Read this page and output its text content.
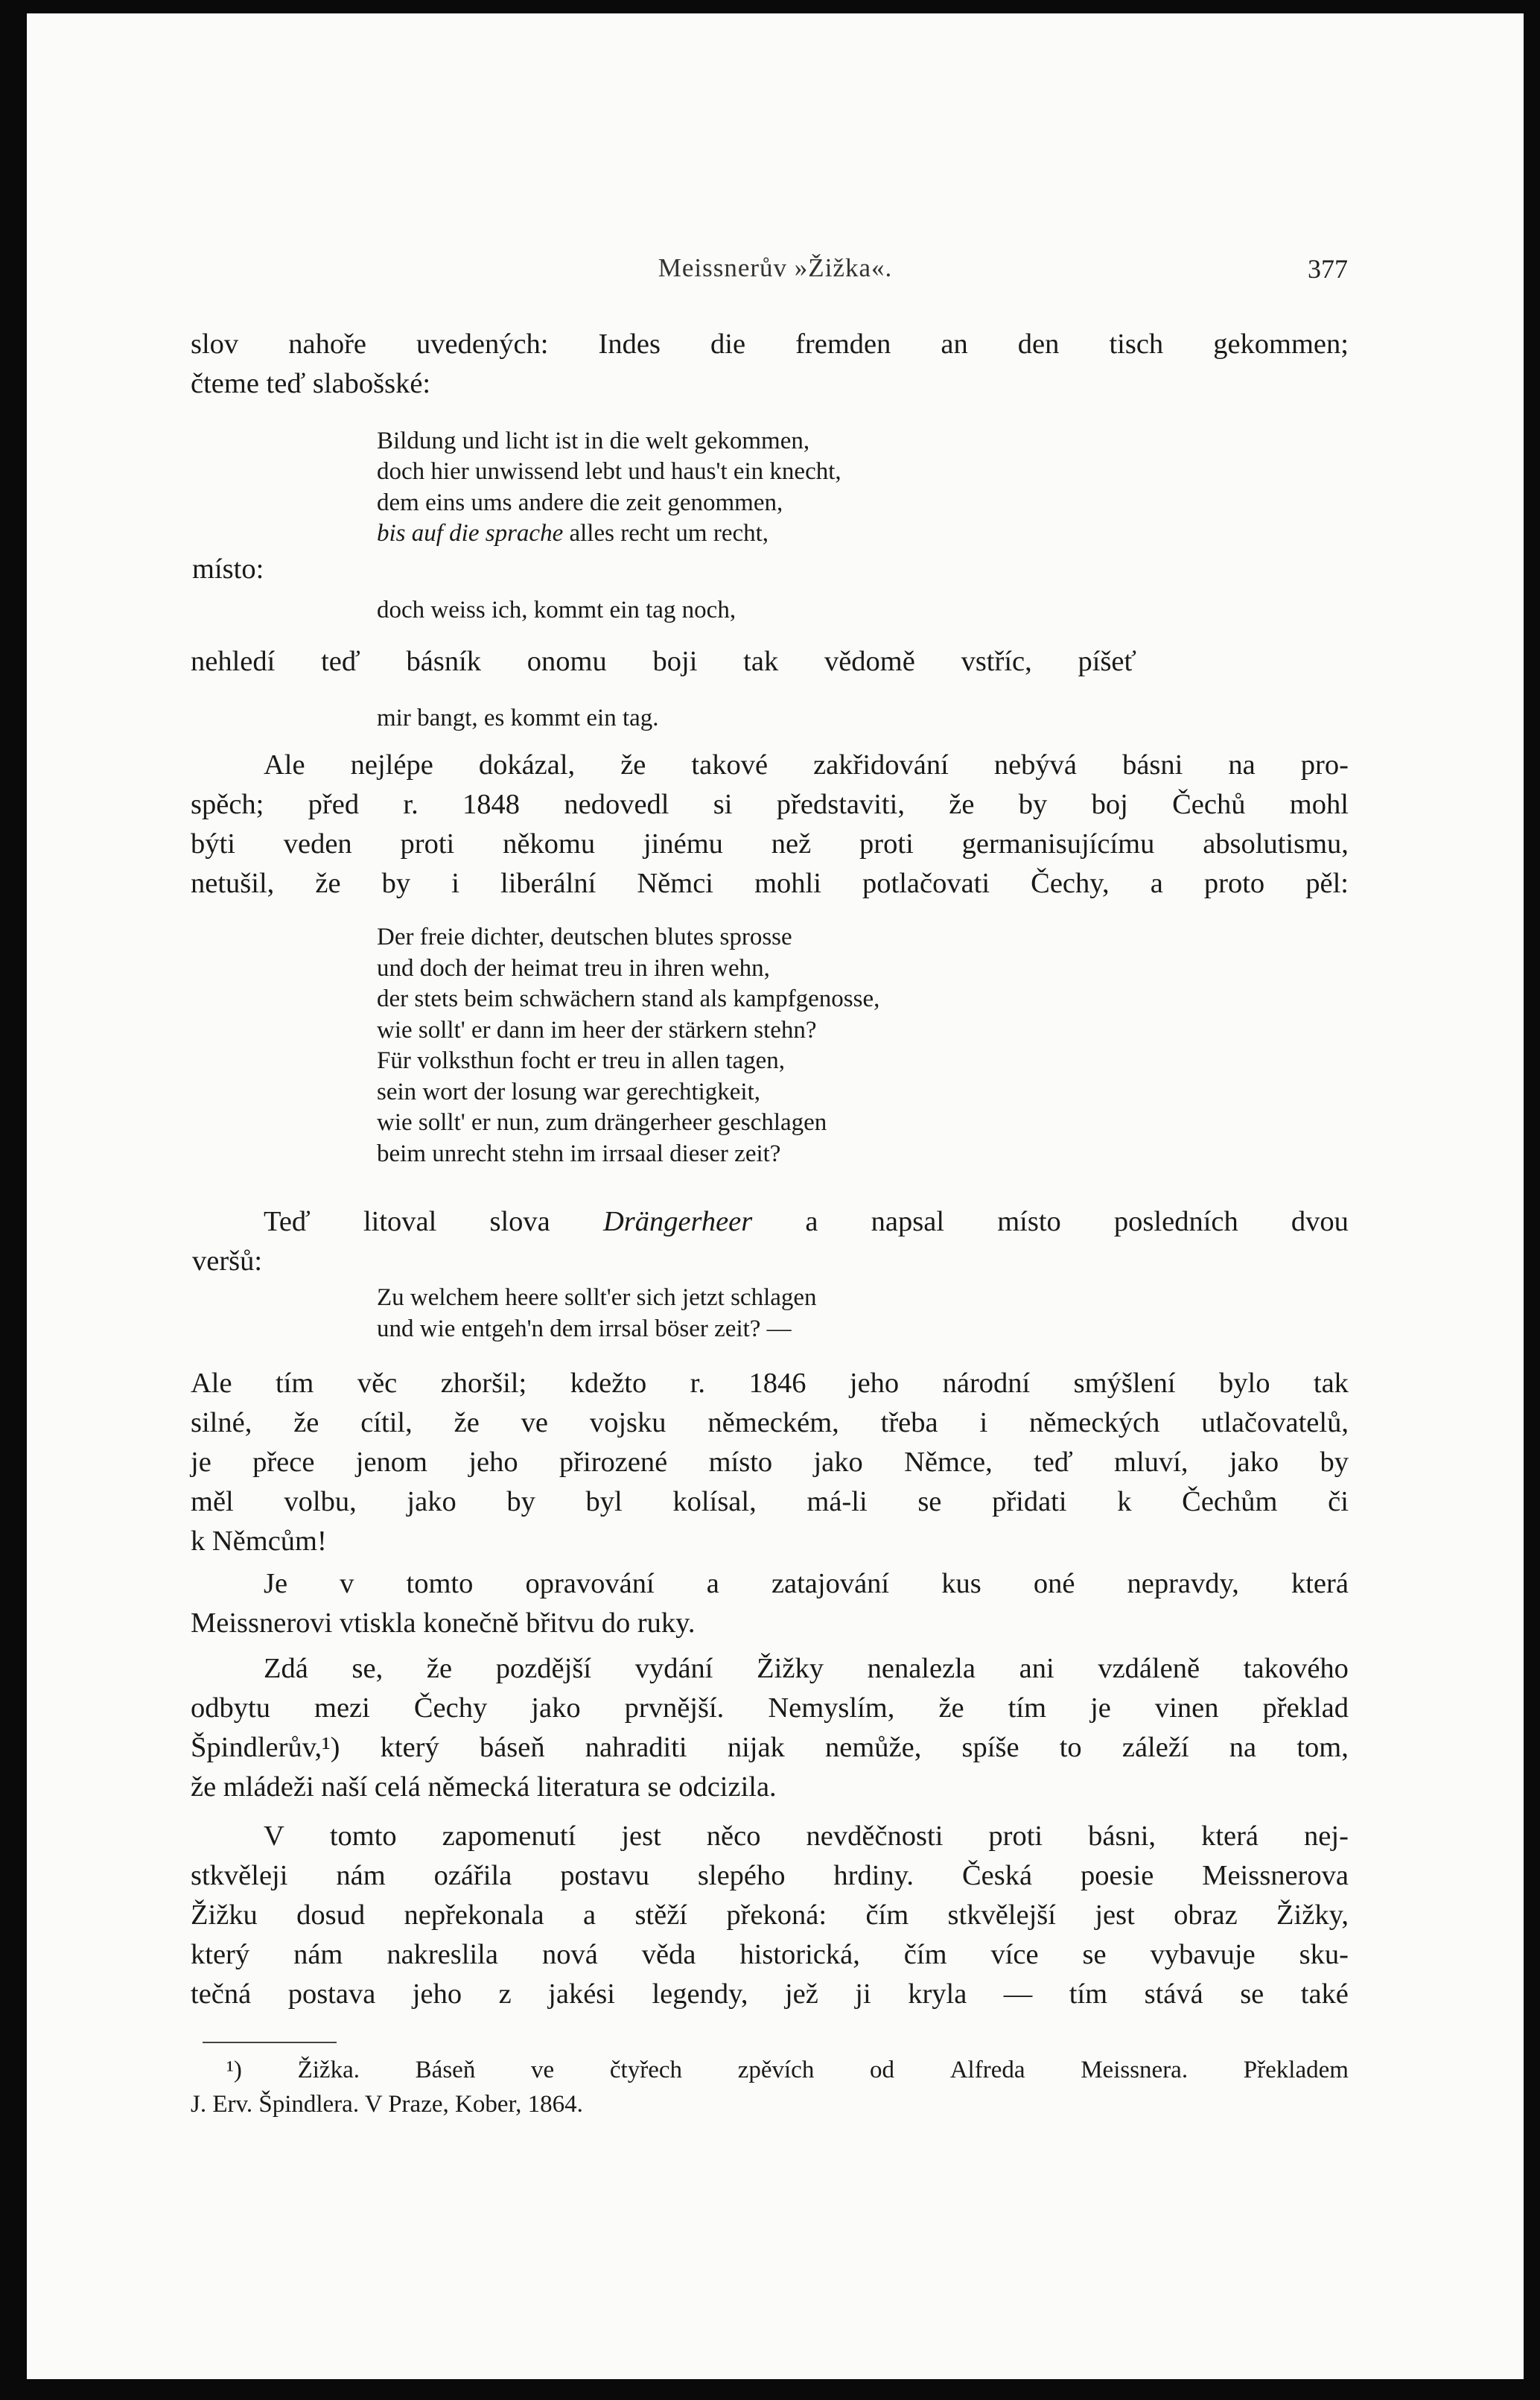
Meissnerův »Žižka«.	377
slov nahoře uvedených: Indes die fremden an den tisch gekommen;
čteme teď slabošské:
Bildung und licht ist in die welt gekommen,
doch hier unwissend lebt und haus't ein knecht,
dem eins ums andere die zeit genommen,
bis auf die sprache alles recht um recht,
místo:
doch weiss ich, kommt ein tag noch,
nehledí teď básník onomu boji tak vědomě vstříc, píšeť
mir bangt, es kommt ein tag.
Ale nejlépe dokázal, že takové zakřidování nebývá básni na pro-
spěch; před r. 1848 nedovedl si představiti, že by boj Čechů mohl
býti veden proti někomu jinému než proti germanisujícímu absolutismu,
netušil, že by i liberální Němci mohli potlačovati Čechy, a proto pěl:
Der freie dichter, deutschen blutes sprosse
und doch der heimat treu in ihren wehn,
der stets beim schwächern stand als kampfgenosse,
wie sollt' er dann im heer der stärkern stehn?
Für volksthun focht er treu in allen tagen,
sein wort der losung war gerechtigkeit,
wie sollt' er nun, zum drängerheer geschlagen
beim unrecht stehn im irrsaal dieser zeit?
Teď litoval slova Drängerheer a napsal místo posledních dvou
veršů:
Zu welchem heere sollt'er sich jetzt schlagen
und wie entgeh'n dem irrsal böser zeit? —
Ale tím věc zhoršil; kdežto r. 1846 jeho národní smýšlení bylo tak
silné, že cítil, že ve vojsku německém, třeba i německých utlačovatelů,
je přece jenom jeho přirozené místo jako Němce, teď mluví, jako by
měl volbu, jako by byl kolísal, má-li se přidati k Čechům či
k Němcům!
Je v tomto opravování a zatajování kus oné nepravdy, která
Meissnerovi vtiskla konečně břitvu do ruky.
Zdá se, že pozdější vydání Žižky nenalezla ani vzdáleně takového
odbytu mezi Čechy jako prvnější. Nemyslím, že tím je vinen překlad
Špindlerův,¹) který báseň nahraditi nijak nemůže, spíše to záleží na tom,
že mládeži naší celá německá literatura se odcizila.
V tomto zapomenutí jest něco nevděčnosti proti básni, která nej-
stkvěleji nám ozářila postavu slepého hrdiny. Česká poesie Meissnerova
Žižku dosud nepřekonala a stěží překoná: čím stkvělejší jest obraz Žižky,
který nám nakreslila nová věda historická, čím více se vybavuje sku-
tečná postava jeho z jakési legendy, jež ji kryla — tím stává se také
¹) Žižka. Báseň ve čtyřech zpěvích od Alfreda Meissnera. Překladem
J. Erv. Špindlera. V Praze, Kober, 1864.
